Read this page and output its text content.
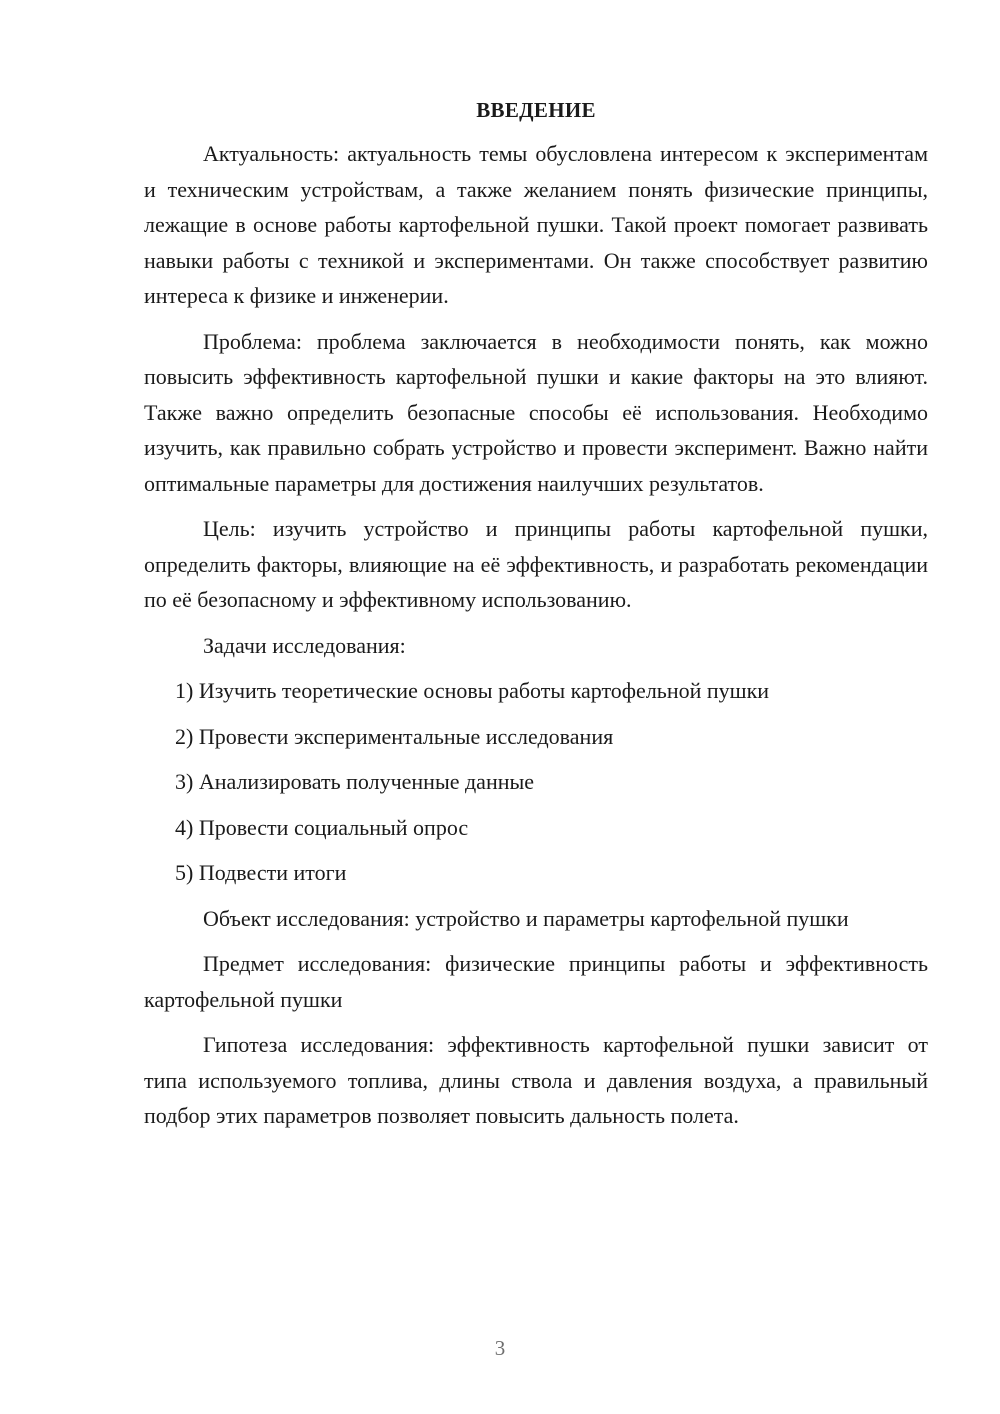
ВВЕДЕНИЕ

Актуальность: актуальность темы обусловлена интересом к экспериментам и техническим устройствам, а также желанием понять физические принципы, лежащие в основе работы картофельной пушки. Такой проект помогает развивать навыки работы с техникой и экспериментами. Он также способствует развитию интереса к физике и инженерии.

Проблема: проблема заключается в необходимости понять, как можно повысить эффективность картофельной пушки и какие факторы на это влияют. Также важно определить безопасные способы её использования. Необходимо изучить, как правильно собрать устройство и провести эксперимент. Важно найти оптимальные параметры для достижения наилучших результатов.

Цель: изучить устройство и принципы работы картофельной пушки, определить факторы, влияющие на её эффективность, и разработать рекомендации по её безопасному и эффективному использованию.

Задачи исследования:

1) Изучить теоретические основы работы картофельной пушки
2) Провести экспериментальные исследования
3) Анализировать полученные данные
4) Провести социальный опрос
5) Подвести итоги

Объект исследования: устройство и параметры картофельной пушки

Предмет исследования: физические принципы работы и эффективность картофельной пушки

Гипотеза исследования: эффективность картофельной пушки зависит от типа используемого топлива, длины ствола и давления воздуха, а правильный подбор этих параметров позволяет повысить дальность полета.

3
